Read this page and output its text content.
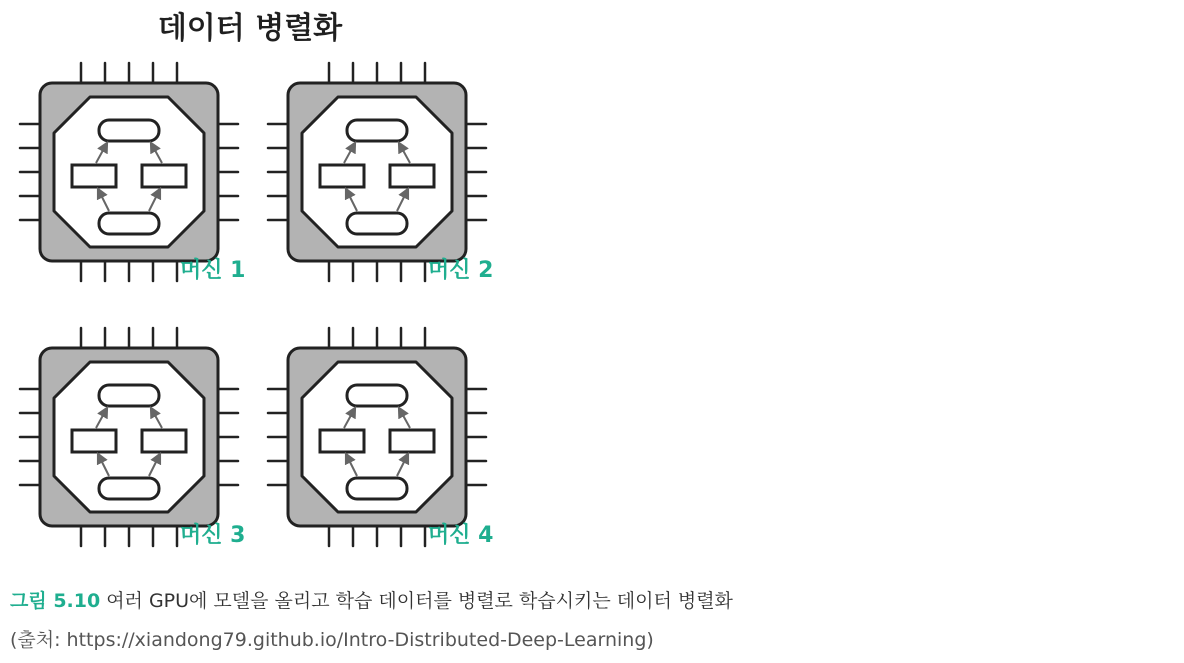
데이터 병렬화
머신 1	머신 2
머신 3	머신 4
그림 5.10 여러 GPU에 모델을 올리고 학습 데이터를 병렬로 학습시키는 데이터 병렬화
(출처: https://xiandong79.github.io/Intro-Distributed-Deep-Learning)
